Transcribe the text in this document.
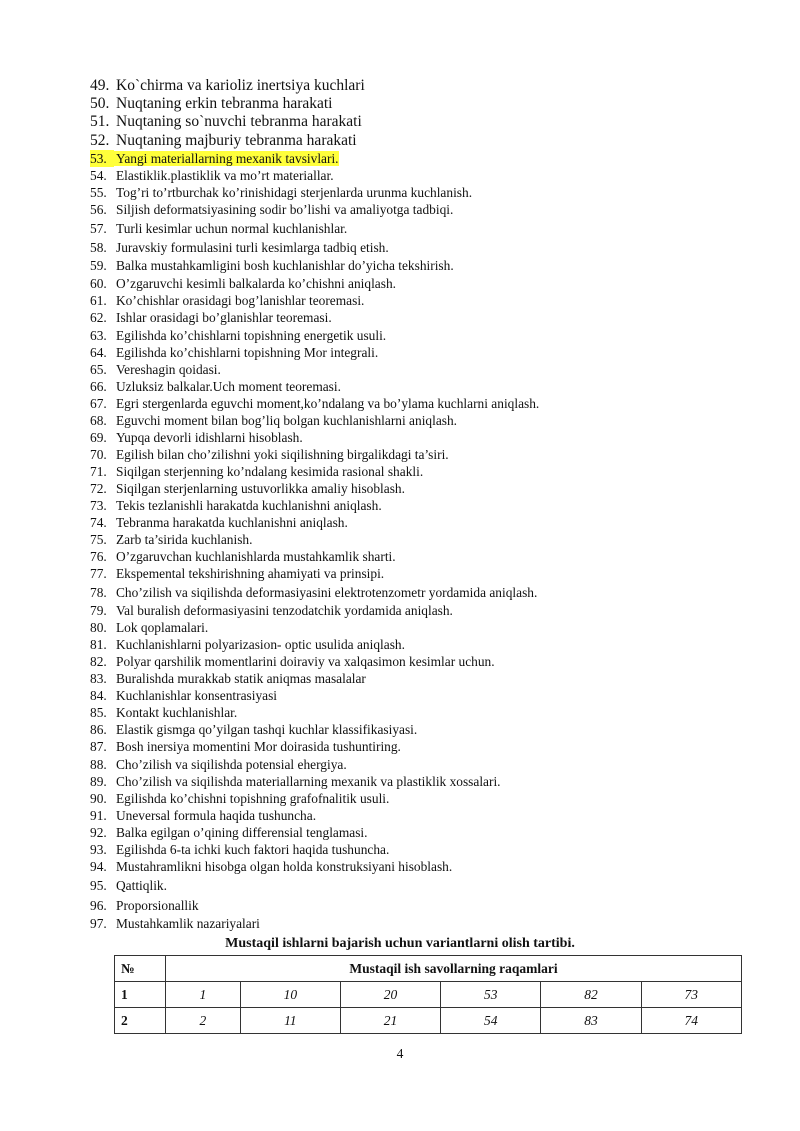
49. Ko`chirma va karioliz inertsiya kuchlari
50. Nuqtaning erkin tebranma harakati
51. Nuqtaning so`nuvchi tebranma harakati
52. Nuqtaning majburiy tebranma harakati
53. Yangi materiallarning mexanik tavsivlari.
54. Elastiklik.plastiklik va mo’rt materiallar.
55. Tog’ri to’rtburchak ko’rinishidagi sterjenlarda urunma kuchlanish.
56. Siljish deformatsiyasining sodir bo’lishi va amaliyotga tadbiqi.
57. Turli kesimlar uchun normal kuchlanishlar.
58. Juravskiy formulasini turli kesimlarga tadbiq etish.
59. Balka mustahkamligini bosh kuchlanishlar do’yicha tekshirish.
60. O’zgaruvchi kesimli balkalarda ko’chishni aniqlash.
61. Ko’chishlar orasidagi bog’lanishlar teoremasi.
62. Ishlar orasidagi bo’glanishlar teoremasi.
63. Egilishda ko’chishlarni topishning energetik usuli.
64. Egilishda ko’chishlarni topishning Mor integrali.
65. Vereshagin qoidasi.
66. Uzluksiz balkalar.Uch moment teoremasi.
67. Egri stergenlarda eguvchi moment,ko’ndalang va bo’ylama kuchlarni aniqlash.
68. Eguvchi moment bilan bog’liq bolgan kuchlanishlarni aniqlash.
69. Yupqa devorli idishlarni hisoblash.
70. Egilish bilan cho’zilishni yoki siqilishning birgalikdagi ta’siri.
71. Siqilgan sterjenning ko’ndalang kesimida rasional shakli.
72. Siqilgan sterjenlarning ustuvorlikka amaliy hisoblash.
73. Tekis tezlanishli harakatda kuchlanishni aniqlash.
74. Tebranma harakatda kuchlanishni aniqlash.
75. Zarb ta’sirida kuchlanish.
76. O’zgaruvchan kuchlanishlarda mustahkamlik sharti.
77. Ekspemental tekshirishning ahamiyati va prinsipi.
78. Cho’zilish va siqilishda deformasiyasini elektrotenzometr yordamida aniqlash.
79. Val buralish deformasiyasini tenzodatchik yordamida aniqlash.
80. Lok qoplamalari.
81. Kuchlanishlarni polyarizasion- optic usulida aniqlash.
82. Polyar qarshilik momentlarini doiraviy va xalqasimon kesimlar uchun.
83. Buralishda murakkab statik aniqmas masalalar
84. Kuchlanishlar konsentrasiyasi
85. Kontakt kuchlanishlar.
86. Elastik gismga qo’yilgan tashqi kuchlar klassifikasiyasi.
87. Bosh inersiya momentini Mor doirasida tushuntiring.
88. Cho’zilish va siqilishda potensial ehergiya.
89. Cho’zilish va siqilishda materiallarning mexanik va plastiklik xossalari.
90. Egilishda ko’chishni topishning grafofnalitik usuli.
91. Uneversal formula haqida tushuncha.
92. Balka egilgan o’qining differensial tenglamasi.
93. Egilishda 6-ta ichki kuch faktori haqida tushuncha.
94. Mustahramlikni hisobga olgan holda konstruksiyani hisoblash.
95. Qattiqlik.
96. Proporsionallik
97. Mustahkamlik nazariyalari
Mustaqil ishlarni bajarish uchun variantlarni olish tartibi.
№	Mustaqil ish savollarning raqamlari					
1	1	10	20	53	82	73
2	2	11	21	54	83	74
4
